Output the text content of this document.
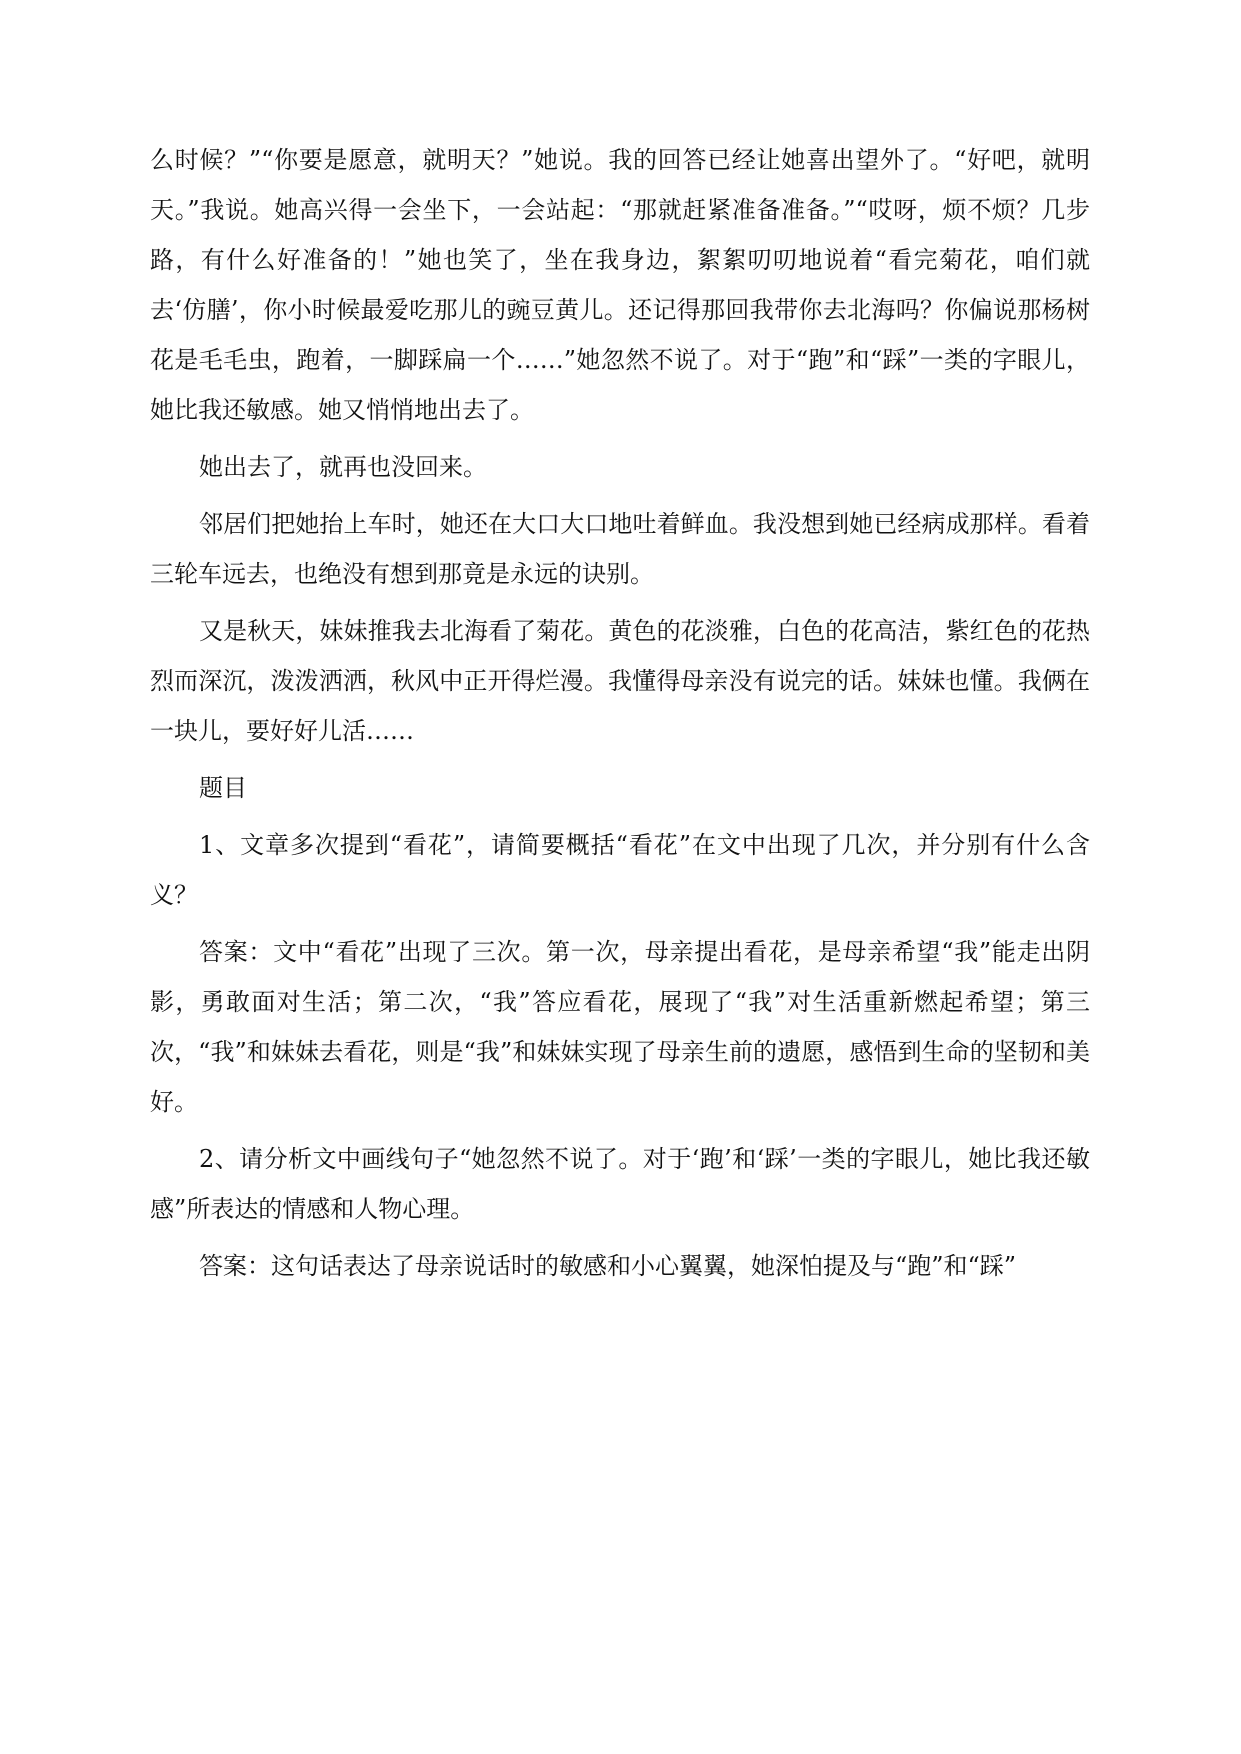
么时候？”“你要是愿意，就明天？”她说。我的回答已经让她喜出望外了。“好吧，就明天。”我说。她高兴得一会坐下，一会站起：“那就赶紧准备准备。”“哎呀，烦不烦？几步路，有什么好准备的！”她也笑了，坐在我身边，絮絮叨叨地说着“看完菊花，咱们就去‘仿膳’，你小时候最爱吃那儿的豌豆黄儿。还记得那回我带你去北海吗？你偏说那杨树花是毛毛虫，跑着，一脚踩扁一个……”她忽然不说了。对于“跑”和“踩”一类的字眼儿，她比我还敏感。她又悄悄地出去了。

她出去了，就再也没回来。

邻居们把她抬上车时，她还在大口大口地吐着鲜血。我没想到她已经病成那样。看着三轮车远去，也绝没有想到那竟是永远的诀别。

又是秋天，妹妹推我去北海看了菊花。黄色的花淡雅，白色的花高洁，紫红色的花热烈而深沉，泼泼洒洒，秋风中正开得烂漫。我懂得母亲没有说完的话。妹妹也懂。我俩在一块儿，要好好儿活……

题目

1、文章多次提到“看花”，请简要概括“看花”在文中出现了几次，并分别有什么含义？

答案：文中“看花”出现了三次。第一次，母亲提出看花，是母亲希望“我”能走出阴影，勇敢面对生活；第二次，“我”答应看花，展现了“我”对生活重新燃起希望；第三次，“我”和妹妹去看花，则是“我”和妹妹实现了母亲生前的遗愿，感悟到生命的坚韧和美好。

2、请分析文中画线句子“她忽然不说了。对于‘跑’和‘踩’一类的字眼儿，她比我还敏感”所表达的情感和人物心理。

答案：这句话表达了母亲说话时的敏感和小心翼翼，她深怕提及与“跑”和“踩”
